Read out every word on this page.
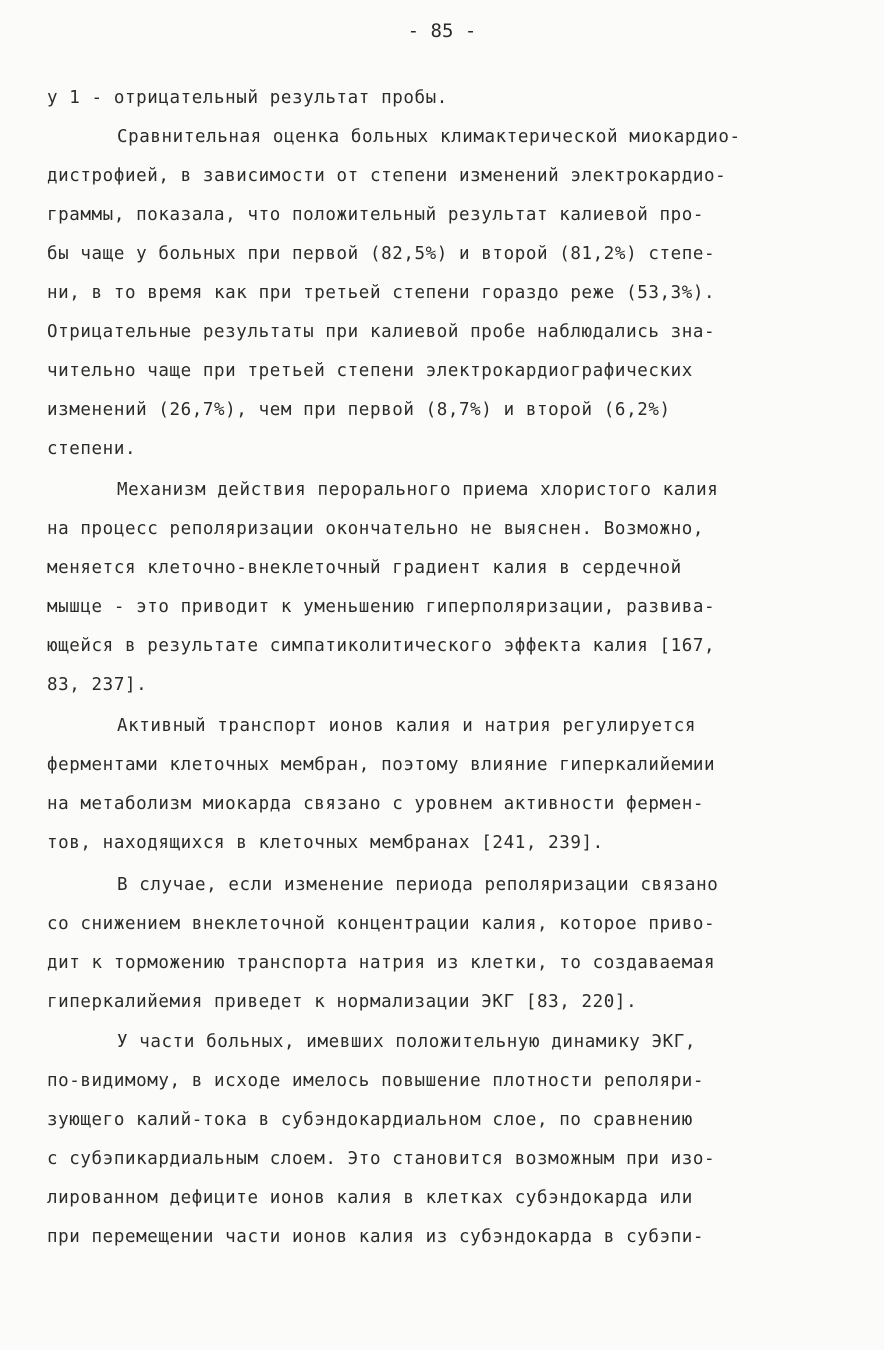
- 85 -
у 1 - отрицательный результат пробы.
Сравнительная оценка больных климактерической миокардио-
дистрофией, в зависимости от степени изменений электрокардио-
граммы, показала, что положительный результат калиевой про-
бы чаще у больных при первой (82,5%) и второй (81,2%) степе-
ни, в то время как при третьей степени гораздо реже (53,3%).
Отрицательные результаты при калиевой пробе наблюдались зна-
чительно чаще при третьей степени электрокардиографических
изменений (26,7%), чем при первой (8,7%) и второй (6,2%)
степени.
Механизм действия перорального приема хлористого калия
на процесс реполяризации окончательно не выяснен. Возможно,
меняется клеточно-внеклеточный градиент калия в сердечной
мышце - это приводит к уменьшению гиперполяризации, развива-
ющейся в результате симпатиколитического эффекта калия [167,
83, 237].
Активный транспорт ионов калия и натрия регулируется
ферментами клеточных мембран, поэтому влияние гиперкалийемии
на метаболизм миокарда связано с уровнем активности фермен-
тов, находящихся в клеточных мембранах [241, 239].
В случае, если изменение периода реполяризации связано
со снижением внеклеточной концентрации калия, которое приво-
дит к торможению транспорта натрия из клетки, то создаваемая
гиперкалийемия приведет к нормализации ЭКГ [83, 220].
У части больных, имевших положительную динамику ЭКГ,
по-видимому, в исходе имелось повышение плотности реполяри-
зующего калий-тока в субэндокардиальном слое, по сравнению
с субэпикардиальным слоем. Это становится возможным при изо-
лированном дефиците ионов калия в клетках субэндокарда или
при перемещении части ионов калия из субэндокарда в субэпи-
